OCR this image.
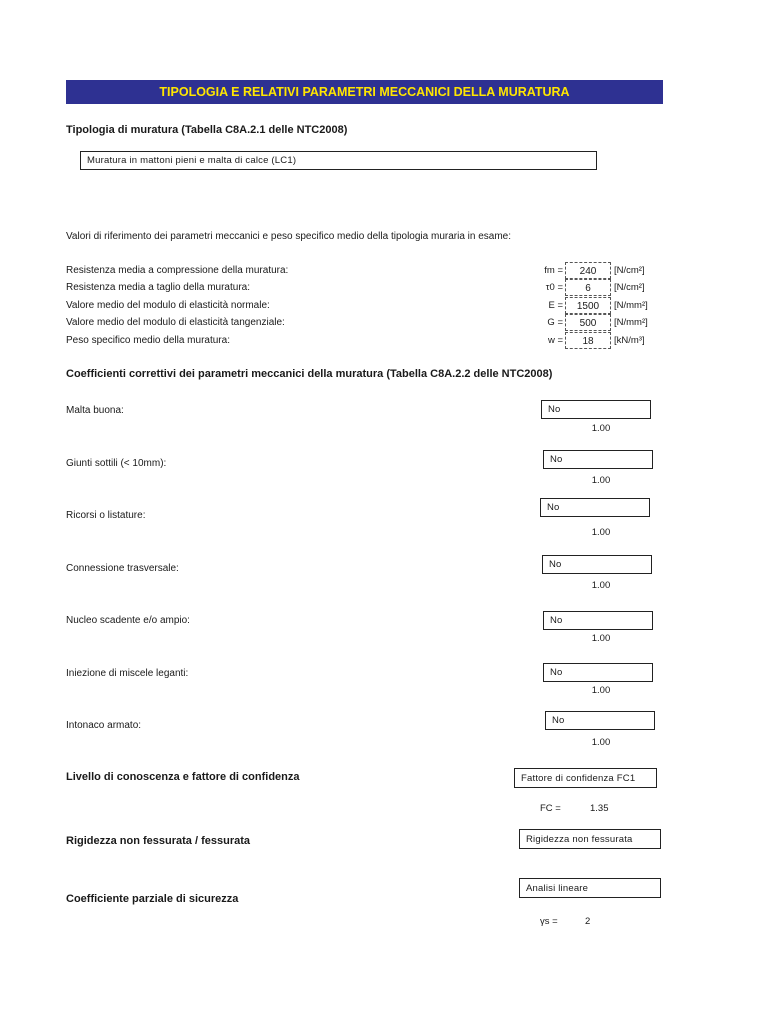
TIPOLOGIA E RELATIVI PARAMETRI MECCANICI DELLA MURATURA
Tipologia di muratura (Tabella C8A.2.1 delle NTC2008)
Muratura in mattoni pieni e malta di calce (LC1)
Valori di riferimento dei parametri meccanici e peso specifico medio della tipologia muraria in esame:
Resistenza media a compressione della muratura:	fm =	240	[N/cm²]
Resistenza media a taglio della muratura:	τ0 =	6	[N/cm²]
Valore medio del modulo di elasticità normale:	E =	1500	[N/mm²]
Valore medio del modulo di elasticità tangenziale:	G =	500	[N/mm²]
Peso specifico medio della muratura:	w =	18	[kN/m³]
Coefficienti correttivi dei parametri meccanici della muratura (Tabella C8A.2.2 delle NTC2008)
Malta buona:	No
1.00
Giunti sottili (< 10mm):	No
1.00
Ricorsi o listature:
No
1.00
Connessione trasversale:	No
1.00
Nucleo scadente e/o ampio:	No
1.00
Iniezione di miscele leganti:	No
1.00
Intonaco armato:	No
1.00
Livello di conoscenza e fattore di confidenza	Fattore di confidenza FC1
FC =	1.35
Rigidezza non fessurata / fessurata	Rigidezza non fessurata
Coefficiente parziale di sicurezza
Analisi lineare
γs =	2
